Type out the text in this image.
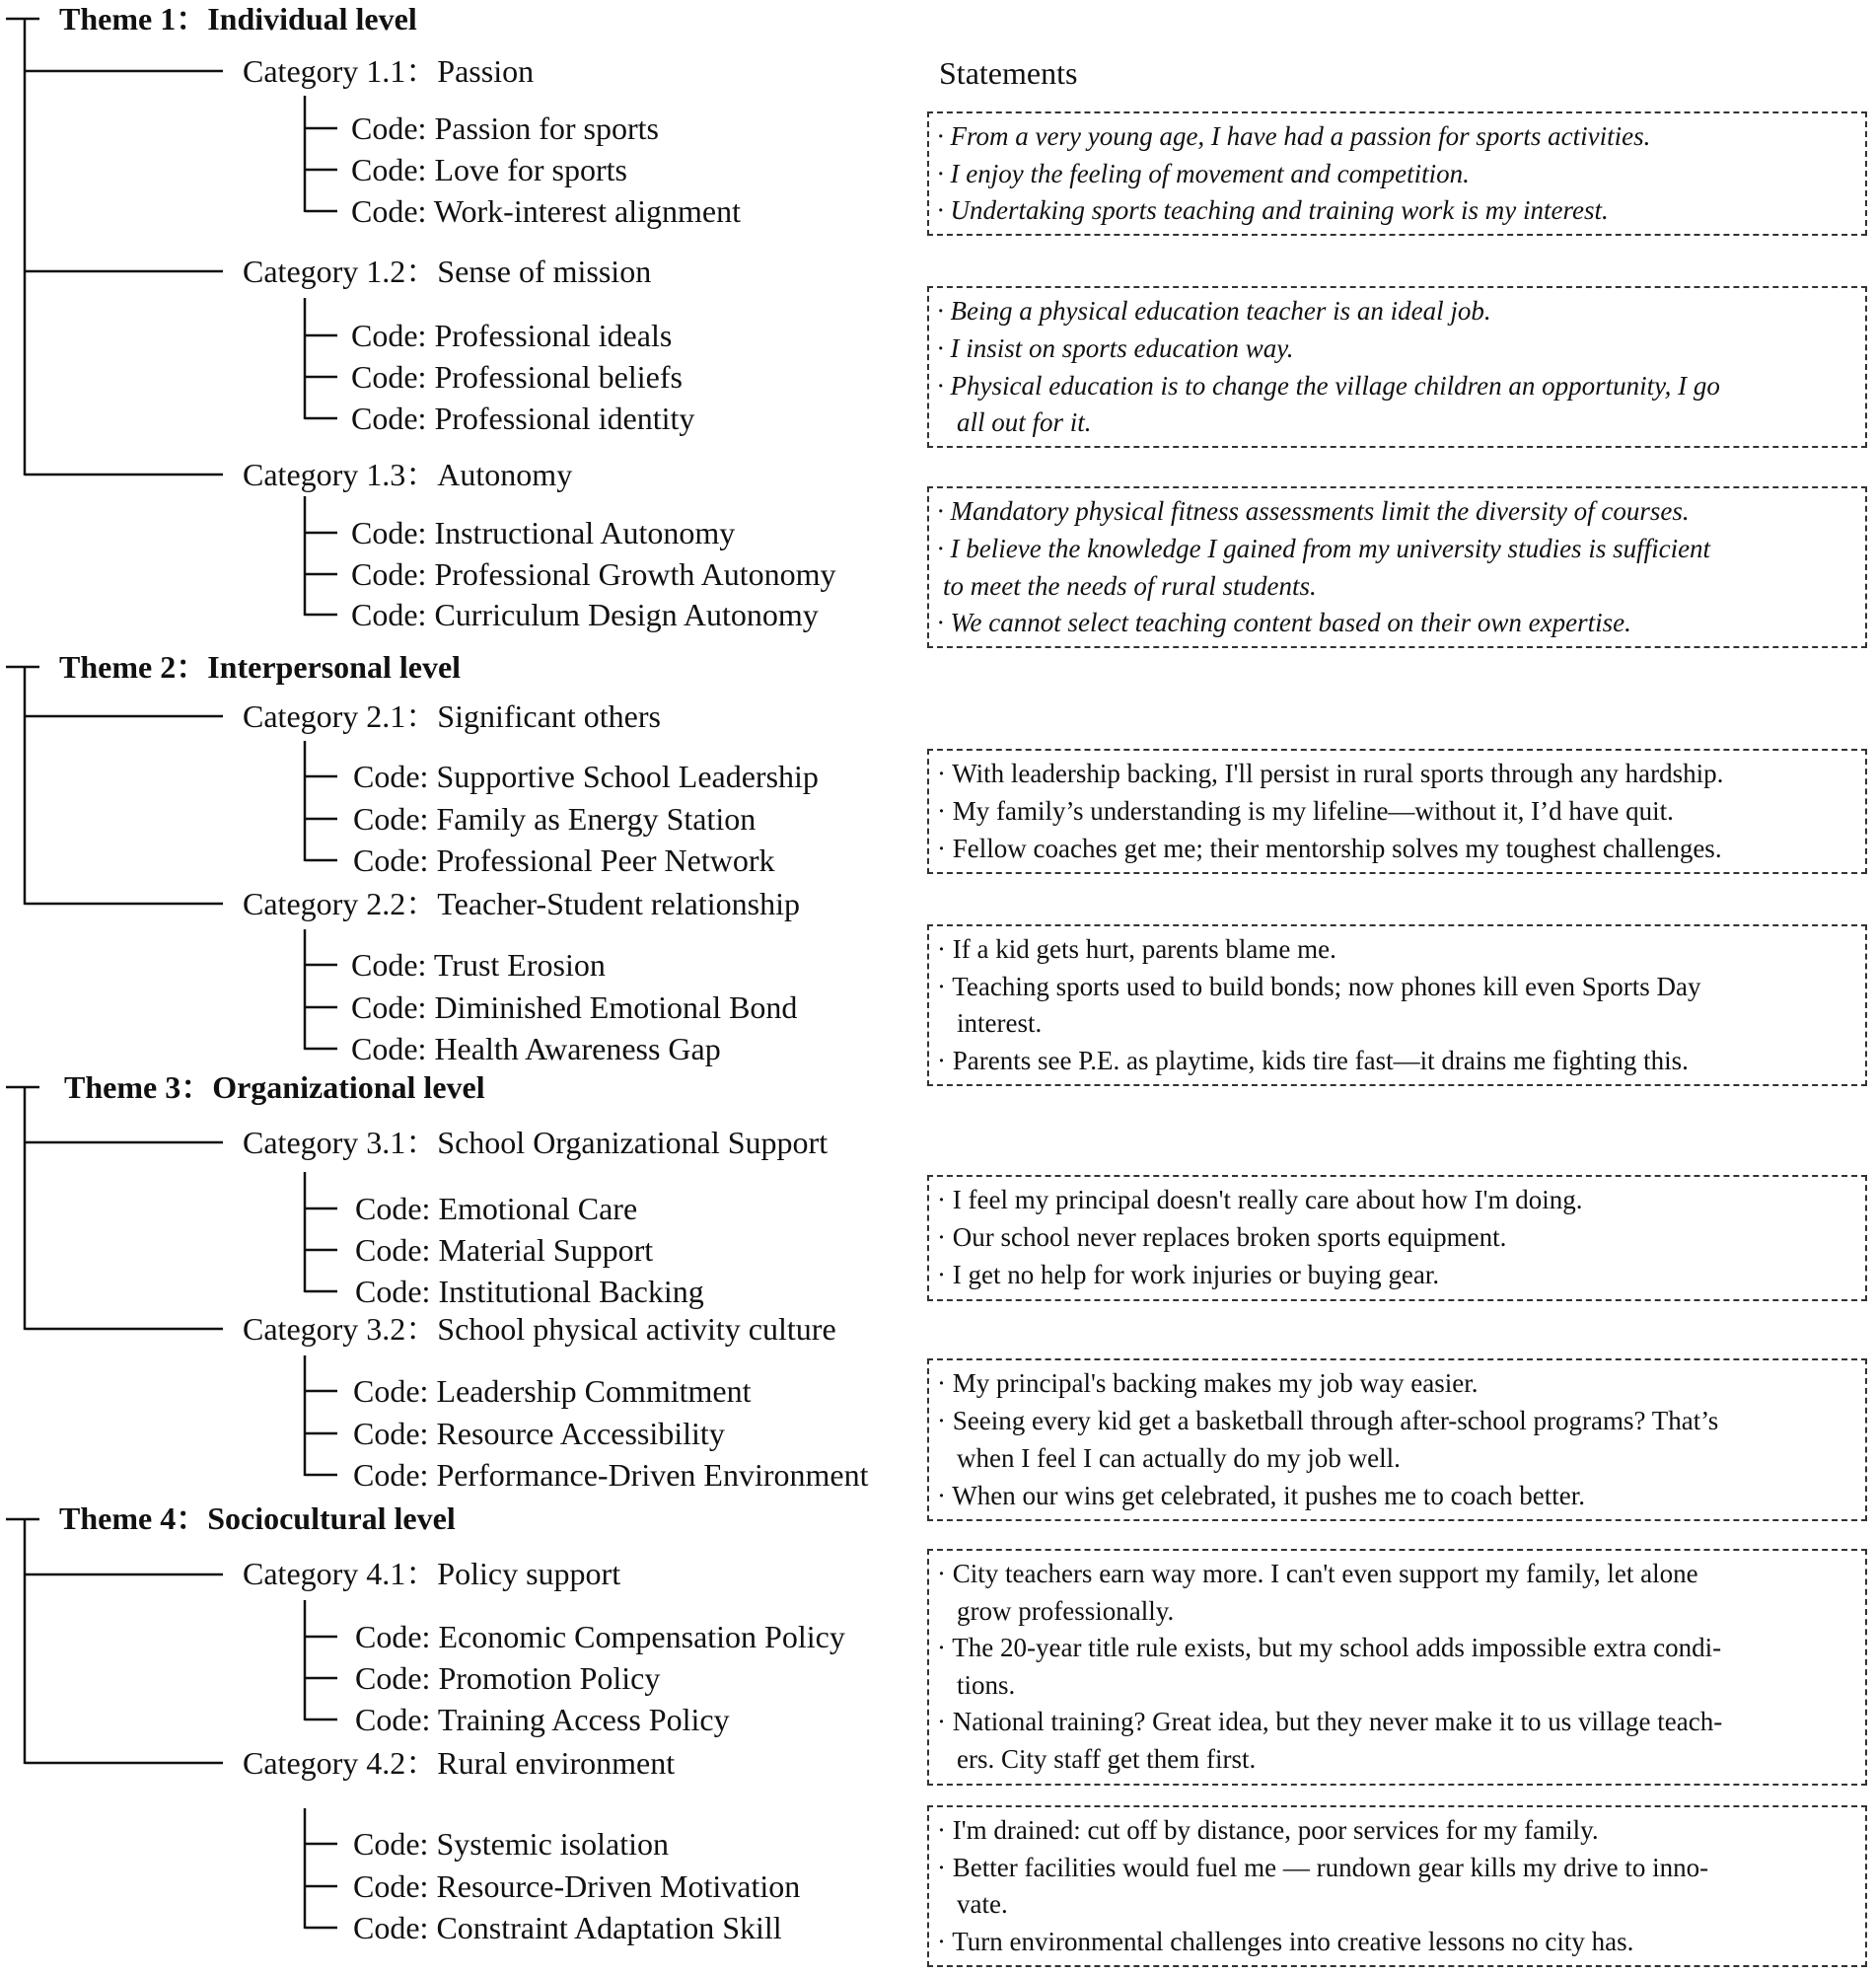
Statements
Theme 1：Individual level
Category 1.1：Passion
Code: Passion for sports
Code: Love for sports
Code: Work-interest alignment
Category 1.2：Sense of mission
Code: Professional ideals
Code: Professional beliefs
Code: Professional identity
Category 1.3：Autonomy
Code: Instructional Autonomy
Code: Professional Growth Autonomy
Code: Curriculum Design Autonomy
· From a very young age, I have had a passion for sports activities.
· I enjoy the feeling of movement and competition.
· Undertaking sports teaching and training work is my interest.
· Being a physical education teacher is an ideal job.
· I insist on sports education way.
· Physical education is to change the village children an opportunity, I go
all out for it.
· Mandatory physical fitness assessments limit the diversity of courses.
· I believe the knowledge I gained from my university studies is sufficient
to meet the needs of rural students.
· We cannot select teaching content based on their own expertise.
Theme 2：Interpersonal level
Category 2.1：Significant others
Code: Supportive School Leadership
Code: Family as Energy Station
Code: Professional Peer Network
Category 2.2：Teacher-Student relationship
Code: Trust Erosion
Code: Diminished Emotional Bond
Code: Health Awareness Gap
· With leadership backing, I'll persist in rural sports through any hardship.
· My family’s understanding is my lifeline—without it, I’d have quit.
· Fellow coaches get me; their mentorship solves my toughest challenges.
· If a kid gets hurt, parents blame me.
· Teaching sports used to build bonds; now phones kill even Sports Day
interest.
· Parents see P.E. as playtime, kids tire fast—it drains me fighting this.
Theme 3：Organizational level
Category 3.1：School Organizational Support
Code: Emotional Care
Code: Material Support
Code: Institutional Backing
Category 3.2：School physical activity culture
Code: Leadership Commitment
Code: Resource Accessibility
Code: Performance-Driven Environment
· I feel my principal doesn't really care about how I'm doing.
· Our school never replaces broken sports equipment.
· I get no help for work injuries or buying gear.
· My principal's backing makes my job way easier.
· Seeing every kid get a basketball through after-school programs? That’s
when I feel I can actually do my job well.
· When our wins get celebrated, it pushes me to coach better.
Theme 4：Sociocultural level
Category 4.1：Policy support
Code: Economic Compensation Policy
Code: Promotion Policy
Code: Training Access Policy
Category 4.2：Rural environment
Code: Systemic isolation
Code: Resource-Driven Motivation
Code: Constraint Adaptation Skill
· City teachers earn way more. I can't even support my family, let alone
grow professionally.
· The 20-year title rule exists, but my school adds impossible extra condi-
tions.
· National training? Great idea, but they never make it to us village teach-
ers. City staff get them first.
· I'm drained: cut off by distance, poor services for my family.
· Better facilities would fuel me — rundown gear kills my drive to inno-
vate.
· Turn environmental challenges into creative lessons no city has.
